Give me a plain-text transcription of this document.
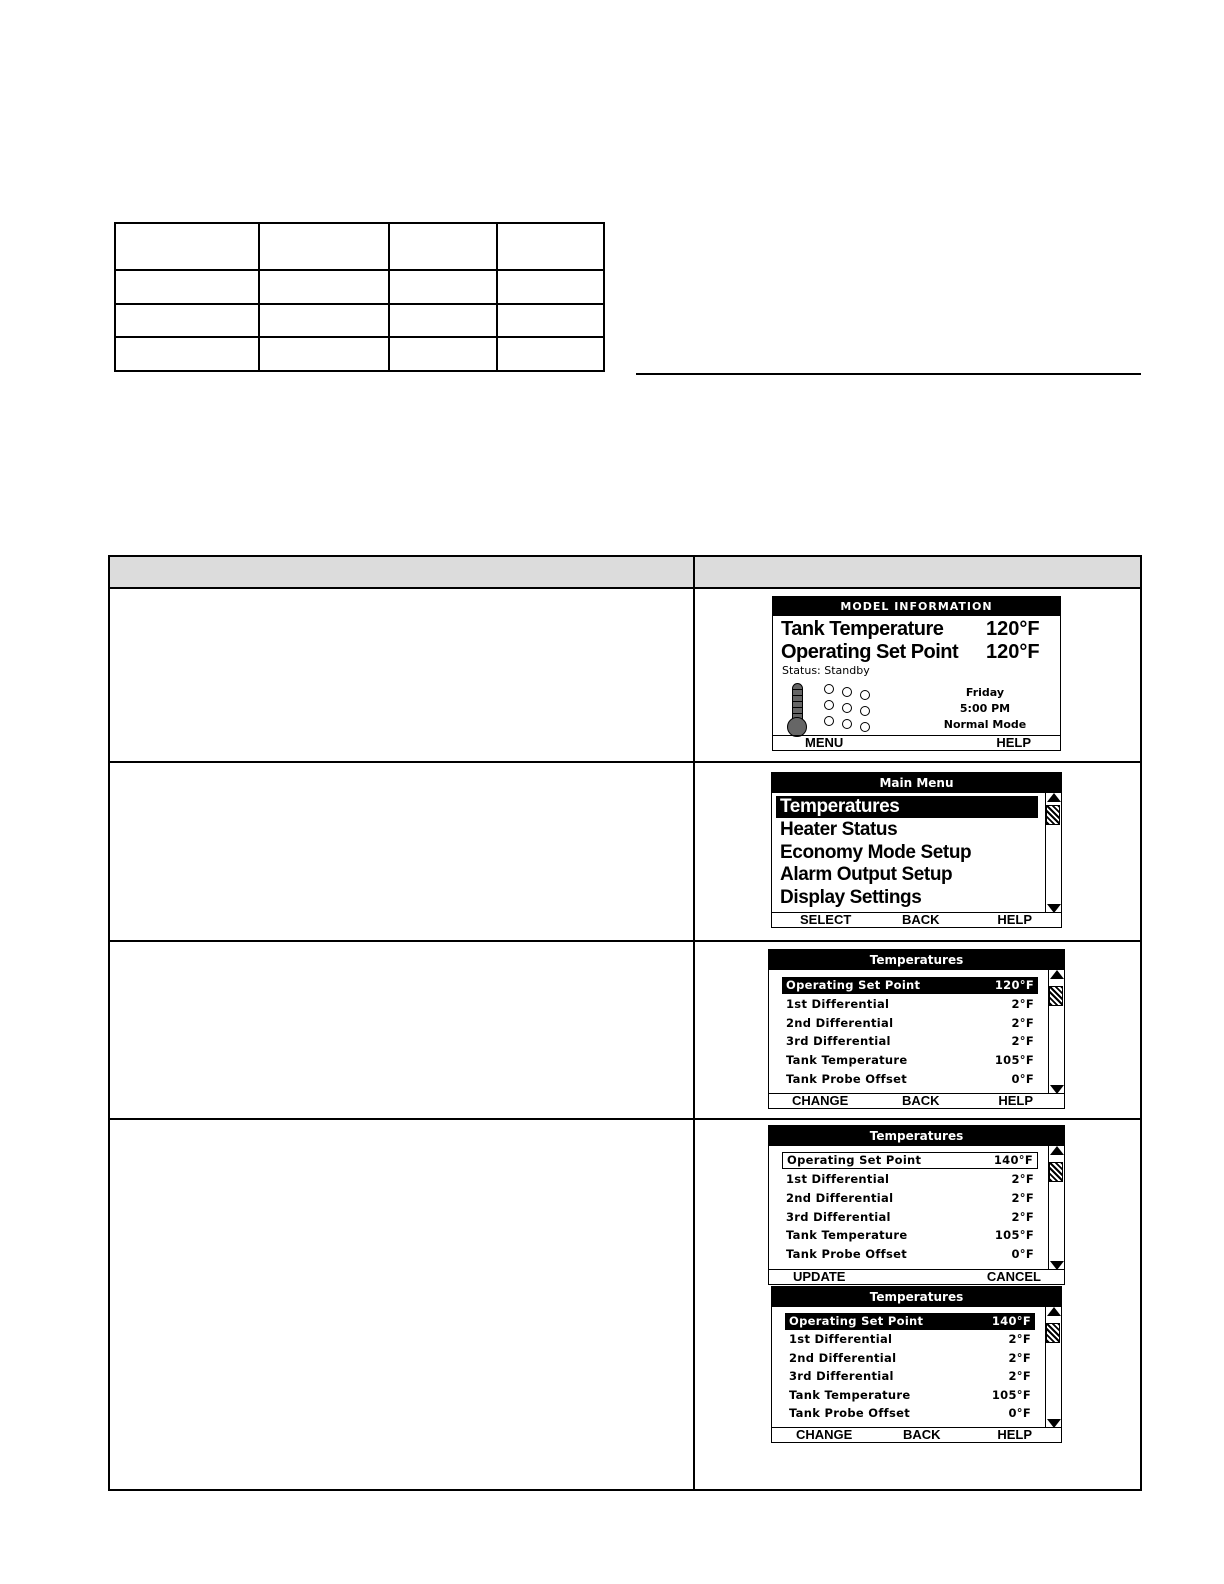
MODEL INFORMATION
Tank Temperature 120°F
Operating Set Point 120°F
Status: Standby
Friday
5:00 PM
Normal Mode
MENU	HELP
Main Menu
Temperatures
Heater Status
Economy Mode Setup
Alarm Output Setup
Display Settings
SELECT	BACK	HELP
Temperatures
Operating Set Point	120°F
1st Differential	2°F
2nd Differential	2°F
3rd Differential	2°F
Tank Temperature	105°F
Tank Probe Offset	0°F
CHANGE	BACK	HELP
Temperatures
Operating Set Point	140°F
1st Differential	2°F
2nd Differential	2°F
3rd Differential	2°F
Tank Temperature	105°F
Tank Probe Offset	0°F
UPDATE	CANCEL
Temperatures
Operating Set Point	140°F
1st Differential	2°F
2nd Differential	2°F
3rd Differential	2°F
Tank Temperature	105°F
Tank Probe Offset	0°F
CHANGE	BACK	HELP
